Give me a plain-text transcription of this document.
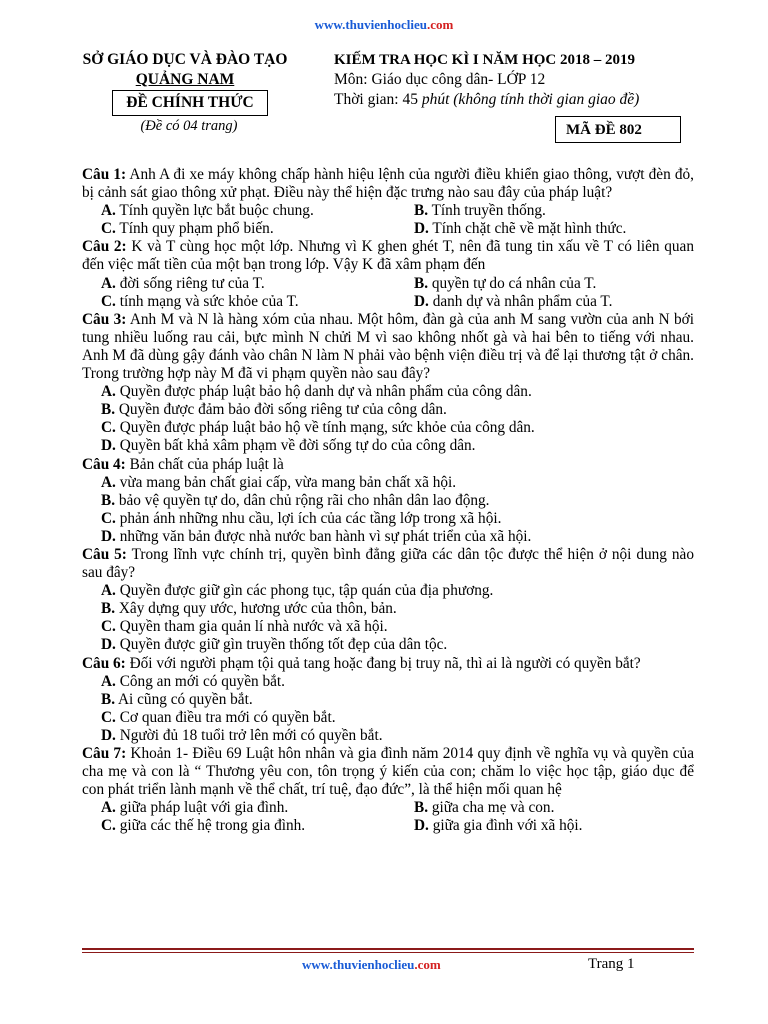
www.thuvienhoclieu.com
SỞ GIÁO DỤC VÀ ĐÀO TẠO
QUẢNG NAM
ĐỀ CHÍNH THỨC
(Đề có 04 trang)
KIẾM TRA HỌC KÌ I NĂM HỌC 2018 – 2019
Môn: Giáo dục công dân- LỚP 12
Thời gian: 45 phút (không tính thời gian giao đề)
MÃ ĐỀ 802
Câu 1: Anh A đi xe máy không chấp hành hiệu lệnh của người điều khiển giao thông, vượt đèn đỏ, bị cảnh sát giao thông xử phạt. Điều này thể hiện đặc trưng nào sau đây của pháp luật?
A. Tính quyền lực bắt buộc chung.	B. Tính truyền thống.
C. Tính quy phạm phổ biến.	D. Tính chặt chẽ về mặt hình thức.
Câu 2: K và T cùng học một lớp. Nhưng vì K ghen ghét T, nên đã tung tin xấu về T có liên quan đến việc mất tiền của một bạn trong lớp. Vậy K đã xâm phạm đến
A. đời sống riêng tư của T.	B. quyền tự do cá nhân của T.
C. tính mạng và sức khỏe của T.	D. danh dự và nhân phẩm của T.
Câu 3: Anh M và N là hàng xóm của nhau. Một hôm, đàn gà của anh M sang vườn của anh N bới tung nhiều luống rau cải, bực mình N chửi M vì sao không nhốt gà và hai bên to tiếng với nhau. Anh M đã dùng gậy đánh vào chân N làm N phải vào bệnh viện điều trị và để lại thương tật ở chân. Trong trường hợp này M đã vi phạm quyền nào sau đây?
A. Quyền được pháp luật bảo hộ danh dự và nhân phẩm của công dân.
B. Quyền được đảm bảo đời sống riêng tư của công dân.
C. Quyền được pháp luật bảo hộ về tính mạng, sức khỏe của công dân.
D. Quyền bất khả xâm phạm về đời sống tự do của công dân.
Câu 4: Bản chất của pháp luật là
A. vừa mang bản chất giai cấp, vừa mang bản chất xã hội.
B. bảo vệ quyền tự do, dân chủ rộng rãi cho nhân dân lao động.
C. phản ánh những nhu cầu, lợi ích của các tầng lớp trong xã hội.
D. những văn bản được nhà nước ban hành vì sự phát triển của xã hội.
Câu 5: Trong lĩnh vực chính trị, quyền bình đẳng giữa các dân tộc được thể hiện ở nội dung nào sau đây?
A. Quyền được giữ gìn các phong tục, tập quán của địa phương.
B. Xây dựng quy ước, hương ước của thôn, bản.
C. Quyền tham gia quản lí nhà nước và xã hội.
D. Quyền được giữ gìn truyền thống tốt đẹp của dân tộc.
Câu 6: Đối với người phạm tội quả tang hoặc đang bị truy nã, thì ai là người có quyền bắt?
A. Công an mới có quyền bắt.
B. Ai cũng có quyền bắt.
C. Cơ quan điều tra mới có quyền bắt.
D. Người đủ 18 tuổi trở lên mới có quyền bắt.
Câu 7: Khoản 1- Điều 69 Luật hôn nhân và gia đình năm 2014 quy định về nghĩa vụ và quyền của cha mẹ và con là “ Thương yêu con, tôn trọng ý kiến của con; chăm lo việc học tập, giáo dục để con phát triển lành mạnh về thể chất, trí tuệ, đạo đức”, là thể hiện mối quan hệ
A. giữa pháp luật với gia đình.	B. giữa cha mẹ và con.
C. giữa các thế hệ trong gia đình.	D. giữa gia đình với xã hội.
www.thuvienhoclieu.com	Trang 1
